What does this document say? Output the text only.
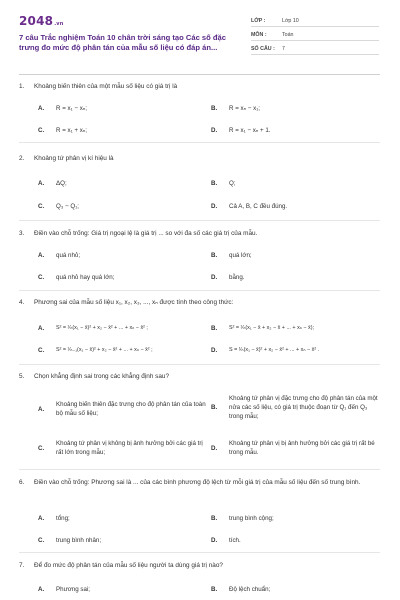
2048.vn
7 câu Trắc nghiệm Toán 10 chân trời sáng tạo Các số đặc trưng đo mức độ phân tán của mẫu số liệu có đáp án...
LỚP :	Lớp 10
MÔN :	Toán
SỐ CÂU : 7
1. Khoảng biến thiên của một mẫu số liệu có giá trị là
A. R = x₁ − xₙ;	B. R = xₙ − x₁;
C. R = x₁ + xₙ;	D. R = x₁ − xₙ + 1.
2. Khoảng tứ phân vị kí hiệu là
A. ΔQ;	B. Q;
C. Q₃ − Q₁;	D. Cả A, B, C đều đúng.
3. Điền vào chỗ trống: Giá trị ngoại lệ là giá trị ... so với đa số các giá trị của mẫu.
A. quá nhỏ;	B. quá lớn;
C. quá nhỏ hay quá lớn;	D. bằng.
4. Phương sai của mẫu số liệu x₁, x₂, x₃, ..., xₙ được tính theo công thức:
A. S² = ¹⁄ₙ(x₁ − x̄)² + x₂ − x̄² + ... + xₙ − x̄² ;	B. S² = ¹⁄ₙ(x₁ − x̄ + x₂ − x̄ + ... + xₙ − x̄);
C. S² = ¹⁄ₙ₋₁(x₁ − x̄)² + x₂ − x̄² + ... + xₙ − x̄² ;	D. S = ¹⁄ₙ(x₁ − x̄)² + x₂ − x̄² + ... + xₙ − x̄² .
5. Chọn khẳng định sai trong các khẳng định sau?
A.
Khoảng biến thiên đặc trưng cho độ phân tán của toàn bộ mẫu số liệu;
B.
Khoảng tứ phân vị đặc trưng cho độ phân tán của một nửa các số liệu, có giá trị thuộc đoạn từ Q₁ đến Q₃ trong mẫu;
C.
Khoảng tứ phân vị không bị ảnh hưởng bởi các giá trị rất lớn trong mẫu;
D.
Khoảng tứ phân vị bị ảnh hưởng bởi các giá trị rất bé trong mẫu.
6. Điền vào chỗ trống: Phương sai là ... của các bình phương độ lệch từ mỗi giá trị của mẫu số liệu đến số trung bình.
A. tổng;	B. trung bình cộng;
C. trung bình nhân;	D. tích.
7. Để đo mức độ phân tán của mẫu số liệu người ta dùng giá trị nào?
A. Phương sai;	B. Độ lệch chuẩn;
